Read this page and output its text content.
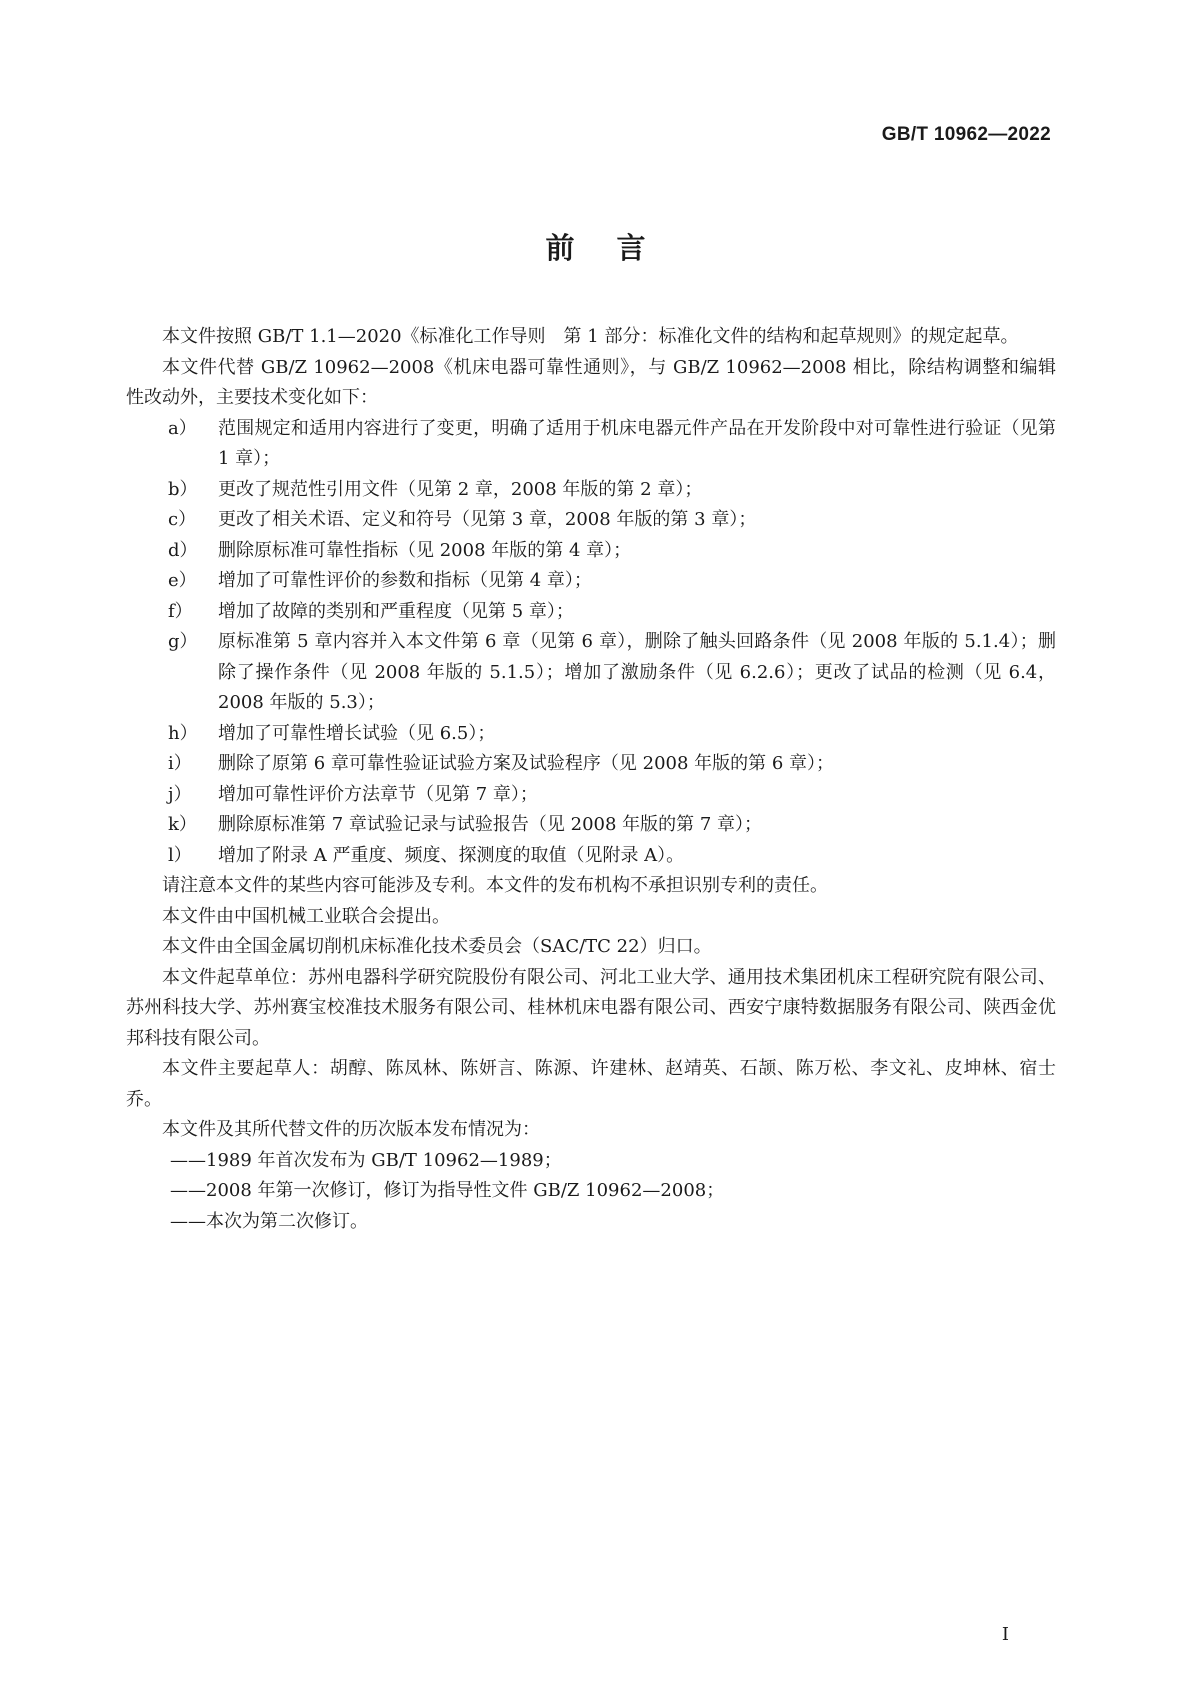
GB/T 10962—2022
前言

本文件按照 GB/T 1.1—2020《标准化工作导则　第 1 部分：标准化文件的结构和起草规则》的规定起草。

本文件代替 GB/Z 10962—2008《机床电器可靠性通则》，与 GB/Z 10962—2008 相比，除结构调整和编辑性改动外，主要技术变化如下：

a）	范围规定和适用内容进行了变更，明确了适用于机床电器元件产品在开发阶段中对可靠性进行验证（见第 1 章）；
b）	更改了规范性引用文件（见第 2 章，2008 年版的第 2 章）；
c）	更改了相关术语、定义和符号（见第 3 章，2008 年版的第 3 章）；
d）	删除原标准可靠性指标（见 2008 年版的第 4 章）；
e）	增加了可靠性评价的参数和指标（见第 4 章）；
f）	增加了故障的类别和严重程度（见第 5 章）；
g）	原标准第 5 章内容并入本文件第 6 章（见第 6 章），删除了触头回路条件（见 2008 年版的 5.1.4）；删除了操作条件（见 2008 年版的 5.1.5）；增加了激励条件（见 6.2.6）；更改了试品的检测（见 6.4，2008 年版的 5.3）；
h）	增加了可靠性增长试验（见 6.5）；
i）	删除了原第 6 章可靠性验证试验方案及试验程序（见 2008 年版的第 6 章）；
j）	增加可靠性评价方法章节（见第 7 章）；
k）	删除原标准第 7 章试验记录与试验报告（见 2008 年版的第 7 章）；
l）	增加了附录 A 严重度、频度、探测度的取值（见附录 A）。

请注意本文件的某些内容可能涉及专利。本文件的发布机构不承担识别专利的责任。

本文件由中国机械工业联合会提出。

本文件由全国金属切削机床标准化技术委员会（SAC/TC 22）归口。

本文件起草单位：苏州电器科学研究院股份有限公司、河北工业大学、通用技术集团机床工程研究院有限公司、苏州科技大学、苏州赛宝校准技术服务有限公司、桂林机床电器有限公司、西安宁康特数据服务有限公司、陕西金优邦科技有限公司。

本文件主要起草人：胡醇、陈凤林、陈妍言、陈源、许建林、赵靖英、石颉、陈万松、李文礼、皮坤林、宿士乔。

本文件及其所代替文件的历次版本发布情况为：

——1989 年首次发布为 GB/T 10962—1989；

——2008 年第一次修订，修订为指导性文件 GB/Z 10962—2008；

——本次为第二次修订。

I
